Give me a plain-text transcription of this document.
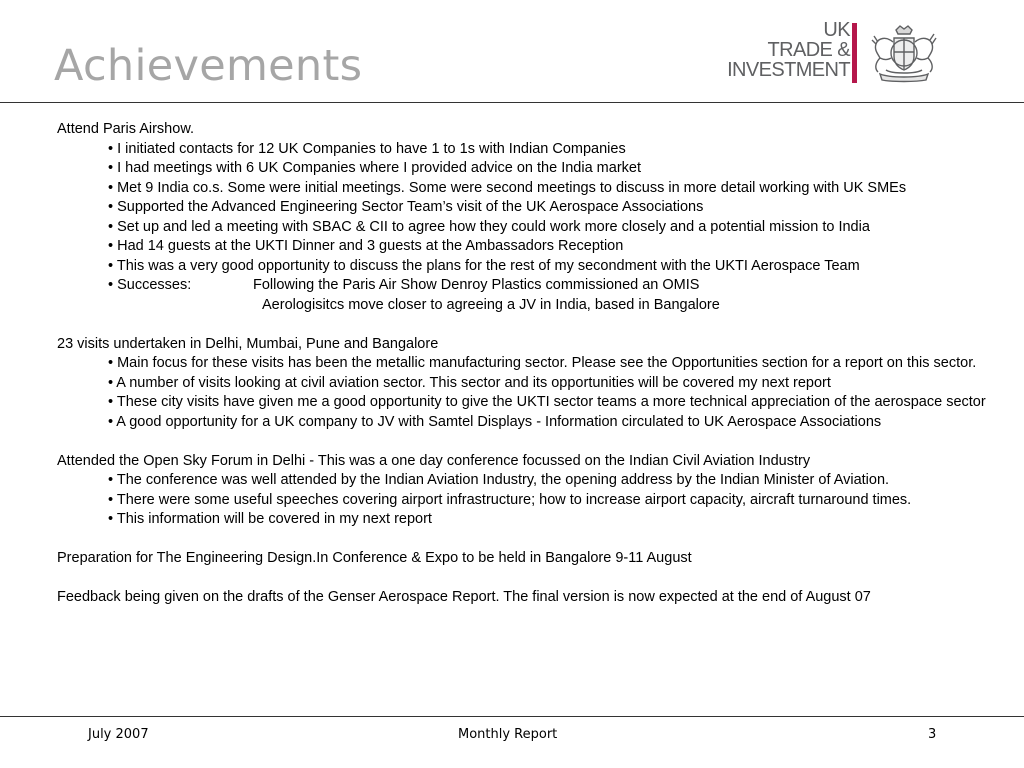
Achievements
UK
TRADE &
INVESTMENT
Attend Paris Airshow.
• I initiated contacts for 12 UK Companies to have 1 to 1s with Indian Companies
• I had meetings with 6 UK Companies where I provided advice on the India market
• Met 9 India co.s. Some were initial meetings. Some were second meetings to discuss in more detail working with UK SMEs
• Supported the Advanced Engineering Sector Team’s visit of the UK Aerospace Associations
• Set up and led a meeting with SBAC & CII to agree how they could work more closely and a potential mission to India
• Had 14 guests at the UKTI Dinner and 3 guests at the Ambassadors Reception
• This was a very good opportunity to discuss the plans for the rest of my secondment with the UKTI Aerospace Team
• Successes:	Following the Paris Air Show Denroy Plastics commissioned an OMIS
Aerologisitcs move closer to agreeing a JV in India, based in Bangalore
23 visits undertaken in Delhi, Mumbai, Pune and Bangalore
• Main focus for these visits has been the metallic manufacturing sector. Please see the Opportunities section for a report on this sector.
• A number of visits looking at civil aviation sector. This sector and its opportunities will be covered my next report
• These city visits have given me a good opportunity to give the UKTI sector teams a more technical appreciation of the aerospace sector
• A good opportunity for a UK company to JV with Samtel Displays - Information circulated to UK Aerospace Associations
Attended the Open Sky Forum in Delhi - This was a one day conference focussed on the Indian Civil Aviation Industry
• The conference was well attended by the Indian Aviation Industry, the opening address by the Indian Minister of Aviation.
• There were some useful speeches covering airport infrastructure; how to increase airport capacity, aircraft turnaround times.
• This information will be covered in my next report
Preparation for The Engineering Design.In Conference & Expo to be held in Bangalore 9-11 August
Feedback being given on the drafts of the Genser Aerospace Report. The final version is now expected at the end of August 07
July 2007	Monthly Report	3
